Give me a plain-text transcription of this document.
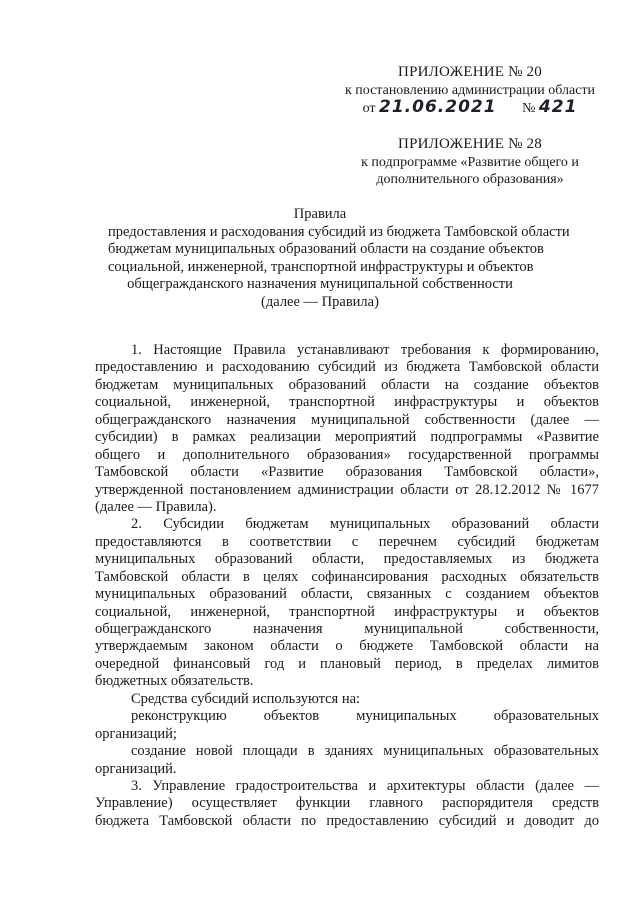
ПРИЛОЖЕНИЕ № 20
к постановлению администрации области
от 21.06.2021 № 421
ПРИЛОЖЕНИЕ № 28
к подпрограмме «Развитие общего и
дополнительного образования»
Правила
предоставления и расходования субсидий из бюджета Тамбовской области
бюджетам муниципальных образований области на создание объектов
социальной, инженерной, транспортной инфраструктуры и объектов
общегражданского назначения муниципальной собственности
(далее — Правила)
1. Настоящие Правила устанавливают требования к формированию,
предоставлению и расходованию субсидий из бюджета Тамбовской области
бюджетам муниципальных образований области на создание объектов
социальной, инженерной, транспортной инфраструктуры и объектов
общегражданского назначения муниципальной собственности (далее —
субсидии) в рамках реализации мероприятий подпрограммы «Развитие
общего и дополнительного образования» государственной программы
Тамбовской области «Развитие образования Тамбовской области»,
утвержденной постановлением администрации области от 28.12.2012 № 1677
(далее — Правила).
2. Субсидии бюджетам муниципальных образований области
предоставляются в соответствии с перечнем субсидий бюджетам
муниципальных образований области, предоставляемых из бюджета
Тамбовской области в целях софинансирования расходных обязательств
муниципальных образований области, связанных с созданием объектов
социальной, инженерной, транспортной инфраструктуры и объектов
общегражданского назначения муниципальной собственности,
утверждаемым законом области о бюджете Тамбовской области на
очередной финансовый год и плановый период, в пределах лимитов
бюджетных обязательств.
Средства субсидий используются на:
реконструкцию объектов муниципальных образовательных
организаций;
создание новой площади в зданиях муниципальных образовательных
организаций.
3. Управление градостроительства и архитектуры области (далее —
Управление) осуществляет функции главного распорядителя средств
бюджета Тамбовской области по предоставлению субсидий и доводит до
